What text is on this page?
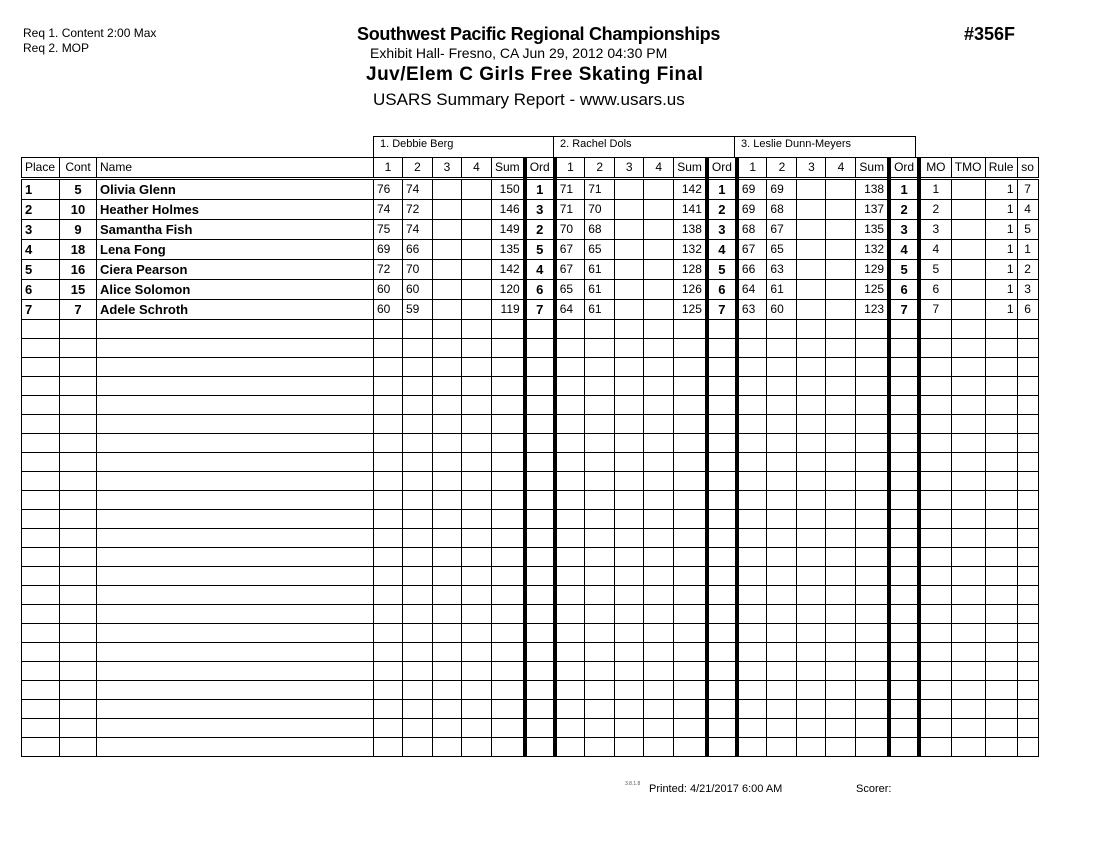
Req 1. Content 2:00 Max
Req 2. MOP
Southwest Pacific Regional Championships
Exhibit Hall- Fresno, CA Jun 29, 2012 04:30 PM
Juv/Elem C Girls Free Skating Final
USARS Summary Report - www.usars.us
#356F
1. Debbie Berg	2. Rachel Dols	3. Leslie Dunn-Meyers
Place	Cont	Name	1	2	3	4	Sum	Ord	1	2	3	4	Sum	Ord	1	2	3	4	Sum	Ord	MO	TMO	Rule	so
1	5	Olivia Glenn	76	74			150	1	71	71			142	1	69	69			138	1	1		1	7
2	10	Heather Holmes	74	72			146	3	71	70			141	2	69	68			137	2	2		1	4
3	9	Samantha Fish	75	74			149	2	70	68			138	3	68	67			135	3	3		1	5
4	18	Lena Fong	69	66			135	5	67	65			132	4	67	65			132	4	4		1	1
5	16	Ciera Pearson	72	70			142	4	67	61			128	5	66	63			129	5	5		1	2
6	15	Alice Solomon	60	60			120	6	65	61			126	6	64	61			125	6	6		1	3
7	7	Adele Schroth	60	59			119	7	64	61			125	7	63	60			123	7	7		1	6

3.8.1.8 Printed: 4/21/2017 6:00 AM	Scorer:
